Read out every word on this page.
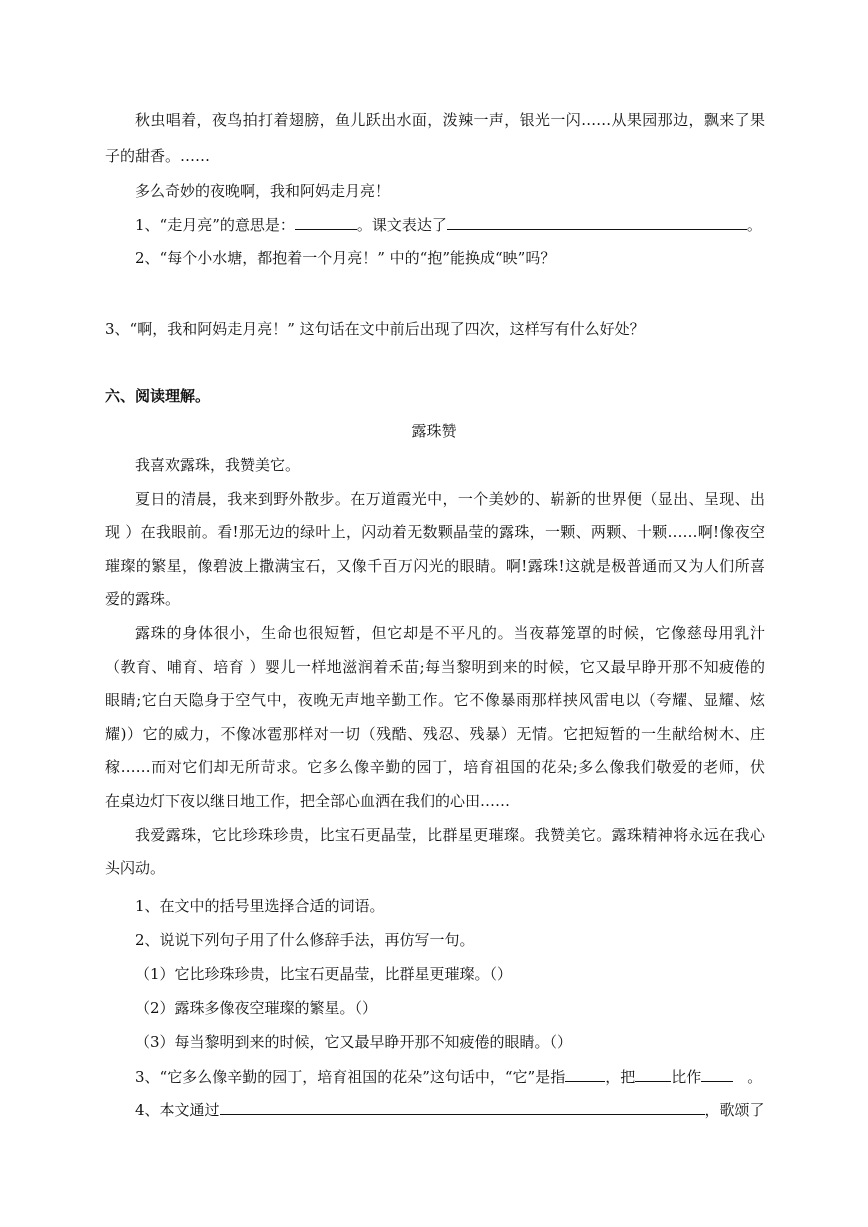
秋虫唱着，夜鸟拍打着翅膀，鱼儿跃出水面，泼辣一声，银光一闪……从果园那边，飘来了果
子的甜香。……
多么奇妙的夜晚啊，我和阿妈走月亮！
1、“走月亮”的意思是：	。课文表达了	。
2、“每个小水塘，都抱着一个月亮！” 中的“抱”能换成“映”吗？
3、“啊，我和阿妈走月亮！” 这句话在文中前后出现了四次，这样写有什么好处？
六、阅读理解。
露珠赞
我喜欢露珠，我赞美它。
夏日的清晨，我来到野外散步。在万道霞光中，一个美妙的、崭新的世界便（显出、呈现、出
现 ）在我眼前。看!那无边的绿叶上，闪动着无数颗晶莹的露珠，一颗、两颗、十颗……啊!像夜空
璀璨的繁星，像碧波上撒满宝石，又像千百万闪光的眼睛。啊!露珠!这就是极普通而又为人们所喜
爱的露珠。
露珠的身体很小，生命也很短暂，但它却是不平凡的。当夜幕笼罩的时候，它像慈母用乳汁
（教育、哺育、培育 ）婴儿一样地滋润着禾苗;每当黎明到来的时候，它又最早睁开那不知疲倦的
眼睛;它白天隐身于空气中，夜晚无声地辛勤工作。它不像暴雨那样挟风雷电以（夸耀、显耀、炫
耀)）它的威力，不像冰雹那样对一切（残酷、残忍、残暴）无情。它把短暂的一生献给树木、庄
稼……而对它们却无所苛求。它多么像辛勤的园丁，培育祖国的花朵;多么像我们敬爱的老师，伏
在桌边灯下夜以继日地工作，把全部心血洒在我们的心田……
我爱露珠，它比珍珠珍贵，比宝石更晶莹，比群星更璀璨。我赞美它。露珠精神将永远在我心
头闪动。
1、在文中的括号里选择合适的词语。
2、说说下列句子用了什么修辞手法，再仿写一句。
（1）它比珍珠珍贵，比宝石更晶莹，比群星更璀璨。（）
（2）露珠多像夜空璀璨的繁星。（）
（3）每当黎明到来的时候，它又最早睁开那不知疲倦的眼睛。（）
3、“它多么像辛勤的园丁，培育祖国的花朵”这句话中，“它”是指	，把 比作	。
4、本文通过	，歌颂了
